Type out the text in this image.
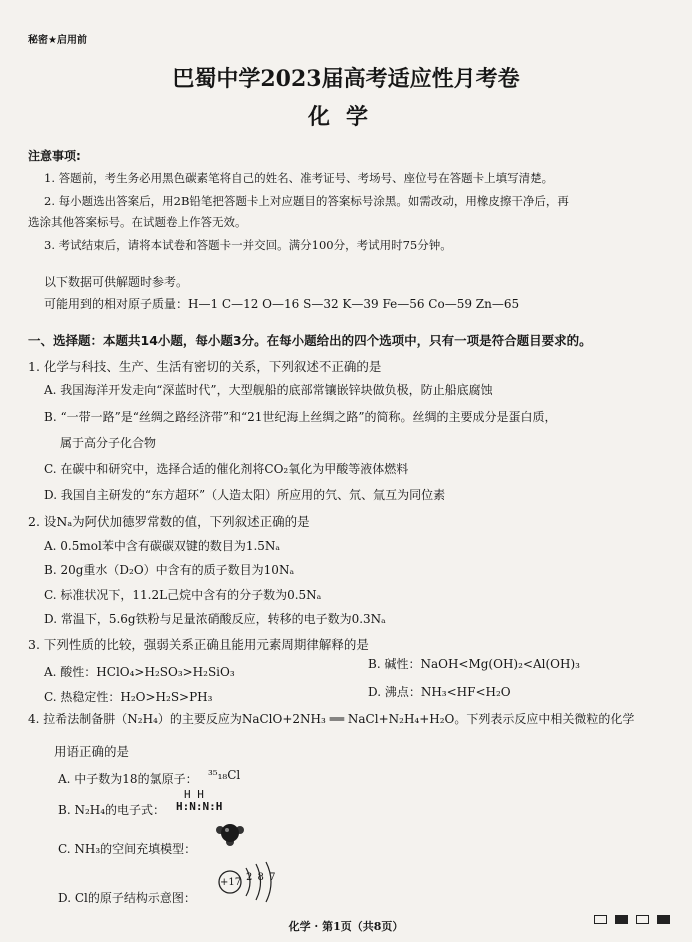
秘密★启用前
巴蜀中学2023届高考适应性月考卷
化学
注意事项:
1. 答题前，考生务必用黑色碳素笔将自己的姓名、准考证号、考场号、座位号在答题卡上填写清楚。
2. 每小题选出答案后，用2B铅笔把答题卡上对应题目的答案标号涂黑。如需改动，用橡皮擦干净后，再
选涂其他答案标号。在试题卷上作答无效。
3. 考试结束后，请将本试卷和答题卡一并交回。满分100分，考试用时75分钟。
以下数据可供解题时参考。
可能用到的相对原子质量：H—1 C—12 O—16 S—32 K—39 Fe—56 Co—59 Zn—65
一、选择题：本题共14小题，每小题3分。在每小题给出的四个选项中，只有一项是符合题目要求的。
1. 化学与科技、生产、生活有密切的关系，下列叙述不正确的是
A. 我国海洋开发走向“深蓝时代”，大型舰船的底部常镶嵌锌块做负极，防止船底腐蚀
B. “一带一路”是“丝绸之路经济带”和“21世纪海上丝绸之路”的简称。丝绸的主要成分是蛋白质，
属于高分子化合物
C. 在碳中和研究中，选择合适的催化剂将CO₂氧化为甲酸等液体燃料
D. 我国自主研发的“东方超环”（人造太阳）所应用的氕、氘、氚互为同位素
2. 设Nₐ为阿伏加德罗常数的值，下列叙述正确的是
A. 0.5mol苯中含有碳碳双键的数目为1.5Nₐ
B. 20g重水（D₂O）中含有的质子数目为10Nₐ
C. 标准状况下，11.2L己烷中含有的分子数为0.5Nₐ
D. 常温下，5.6g铁粉与足量浓硝酸反应，转移的电子数为0.3Nₐ
3. 下列性质的比较，强弱关系正确且能用元素周期律解释的是
A. 酸性：HClO₄>H₂SO₃>H₂SiO₃
B. 碱性：NaOH<Mg(OH)₂<Al(OH)₃
C. 热稳定性：H₂O>H₂S>PH₃	D. 沸点：NH₃<HF<H₂O
4. 拉希法制备肼（N₂H₄）的主要反应为NaClO+2NH₃ ══ NaCl+N₂H₄+H₂O。下列表示反应中相关微粒的化学
用语正确的是
A. 中子数为18的氯原子： ³⁵₁₈Cl
B. N₂H₄的电子式：
H H
H:N:N:H
C. NH₃的空间充填模型：
D. Cl的原子结构示意图：
+17 2 8 7
化学 · 第1页（共8页）
